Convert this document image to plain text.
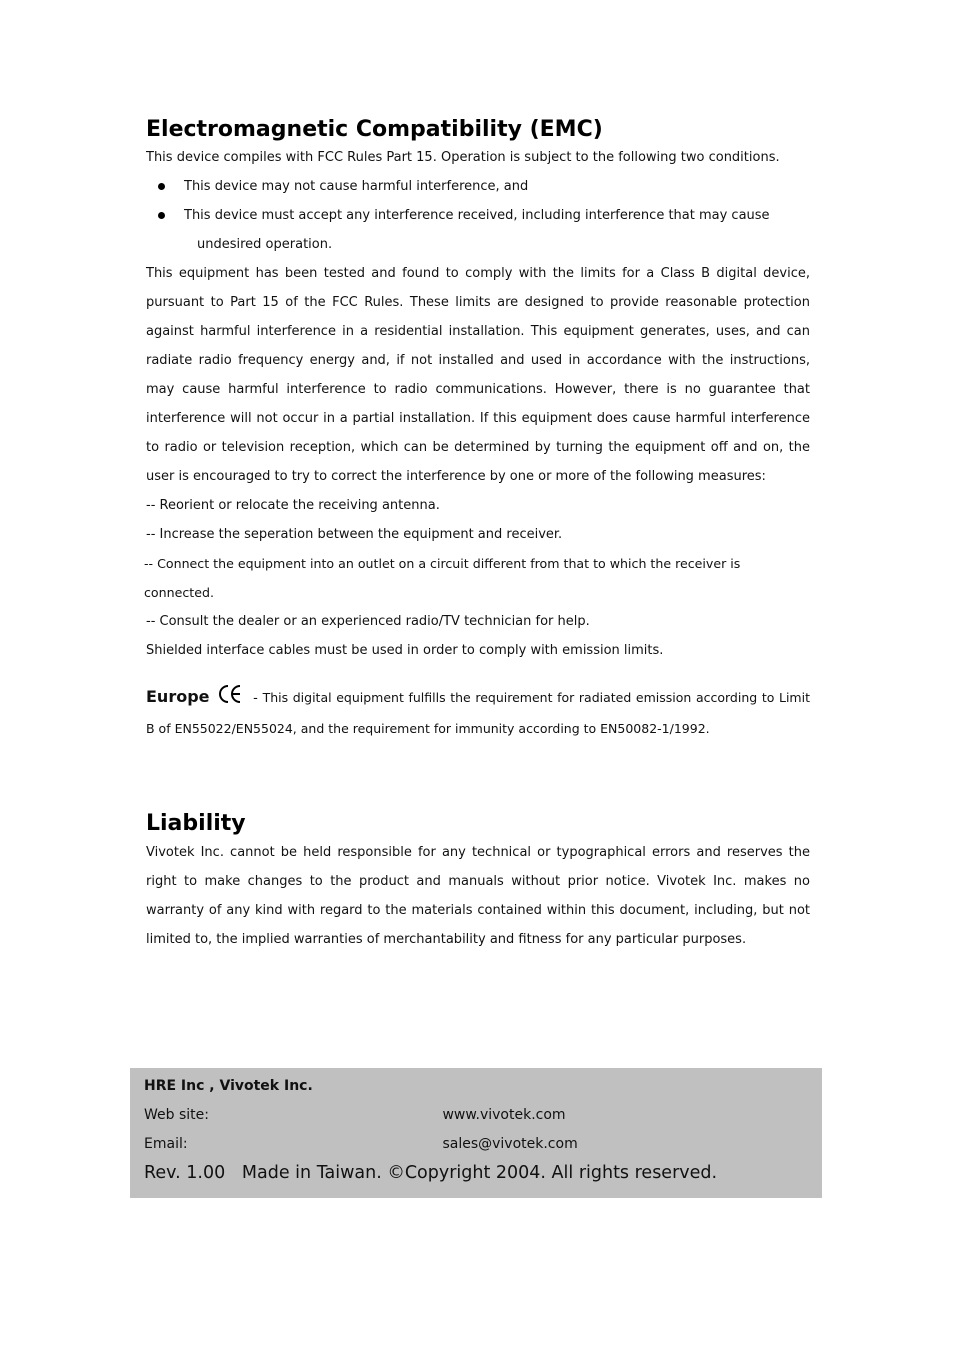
Electromagnetic Compatibility (EMC)

This device compiles with FCC Rules Part 15. Operation is subject to the following two conditions.

This device may not cause harmful interference, and
This device must accept any interference received, including interference that may cause
undesired operation.

This equipment has been tested and found to comply with the limits for a Class B digital device, pursuant to Part 15 of the FCC Rules. These limits are designed to provide reasonable protection against harmful interference in a residential installation. This equipment generates, uses, and can radiate radio frequency energy and, if not installed and used in accordance with the instructions, may cause harmful interference to radio communications. However, there is no guarantee that interference will not occur in a partial installation. If this equipment does cause harmful interference to radio or television reception, which can be determined by turning the equipment off and on, the user is encouraged to try to correct the interference by one or more of the following measures:

-- Reorient or relocate the receiving antenna.
-- Increase the seperation between the equipment and receiver.
-- Connect the equipment into an outlet on a circuit different from that to which the receiver is connected.
-- Consult the dealer or an experienced radio/TV technician for help.
Shielded interface cables must be used in order to comply with emission limits.
Europe	- This digital equipment fulfills the requirement for radiated emission according to Limit B of EN55022/EN55024, and the requirement for immunity according to EN50082-1/1992.
Liability

Vivotek Inc. cannot be held responsible for any technical or typographical errors and reserves the right to make changes to the product and manuals without prior notice. Vivotek Inc. makes no warranty of any kind with regard to the materials contained within this document, including, but not limited to, the implied warranties of merchantability and fitness for any particular purposes.

HRE Inc , Vivotek Inc.
Web site:	www.vivotek.com
Email:	sales@vivotek.com
Rev. 1.00   Made in Taiwan. ©Copyright 2004. All rights reserved.
